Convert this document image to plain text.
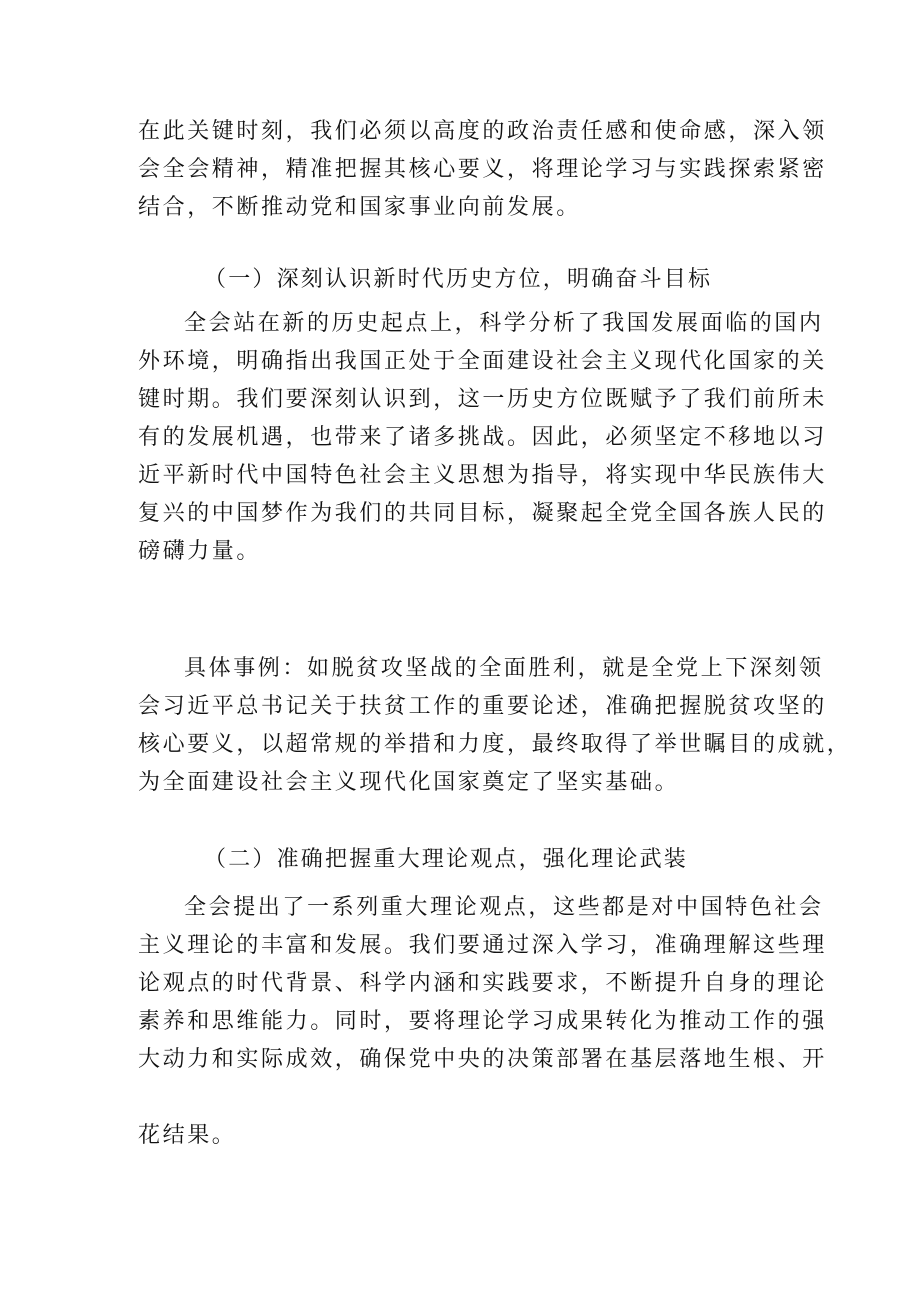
在此关键时刻，我们必须以高度的政治责任感和使命感，深入领
会全会精神，精准把握其核心要义，将理论学习与实践探索紧密
结合，不断推动党和国家事业向前发展。
（一）深刻认识新时代历史方位，明确奋斗目标
全会站在新的历史起点上，科学分析了我国发展面临的国内
外环境，明确指出我国正处于全面建设社会主义现代化国家的关
键时期。我们要深刻认识到，这一历史方位既赋予了我们前所未
有的发展机遇，也带来了诸多挑战。因此，必须坚定不移地以习
近平新时代中国特色社会主义思想为指导，将实现中华民族伟大
复兴的中国梦作为我们的共同目标，凝聚起全党全国各族人民的
磅礴力量。
具体事例：如脱贫攻坚战的全面胜利，就是全党上下深刻领
会习近平总书记关于扶贫工作的重要论述，准确把握脱贫攻坚的
核心要义，以超常规的举措和力度，最终取得了举世瞩目的成就，
为全面建设社会主义现代化国家奠定了坚实基础。
（二）准确把握重大理论观点，强化理论武装
全会提出了一系列重大理论观点，这些都是对中国特色社会
主义理论的丰富和发展。我们要通过深入学习，准确理解这些理
论观点的时代背景、科学内涵和实践要求，不断提升自身的理论
素养和思维能力。同时，要将理论学习成果转化为推动工作的强
大动力和实际成效，确保党中央的决策部署在基层落地生根、开
花结果。
